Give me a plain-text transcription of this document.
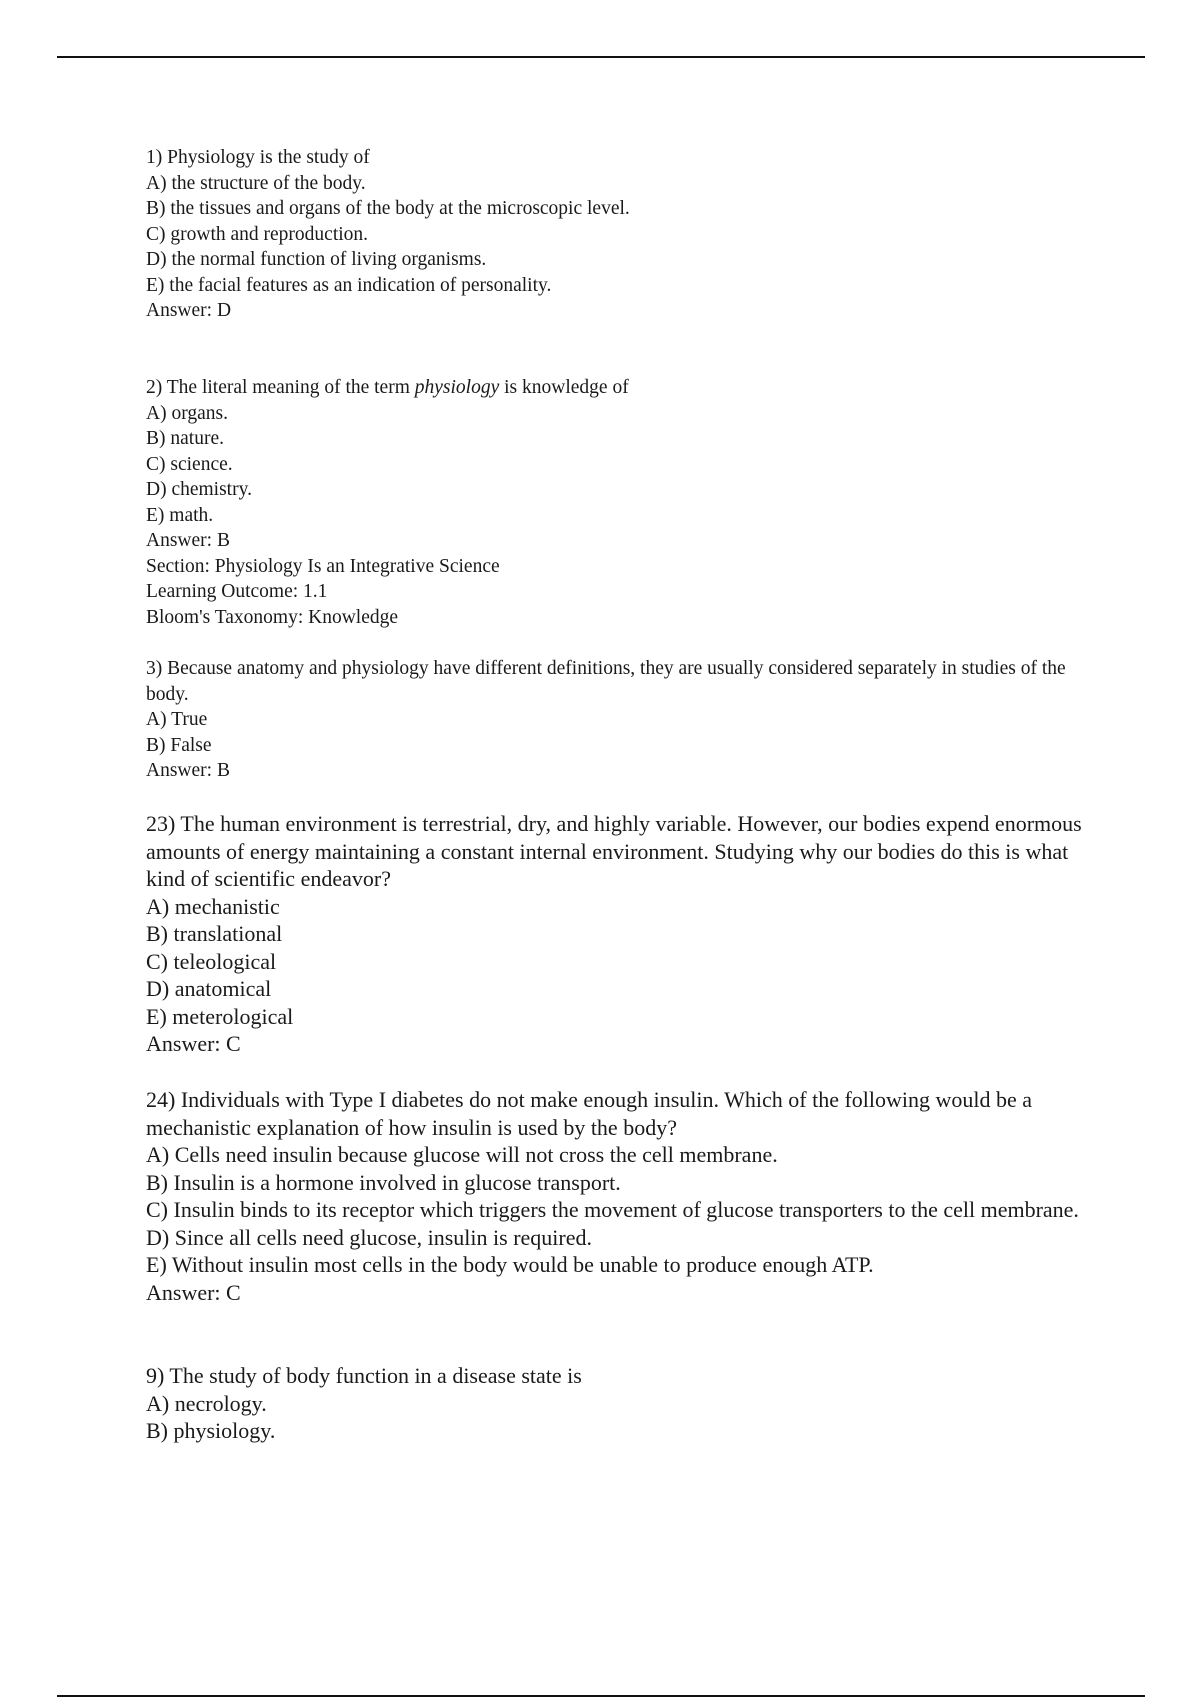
1) Physiology is the study of
A) the structure of the body.
B) the tissues and organs of the body at the microscopic level.
C) growth and reproduction.
D) the normal function of living organisms.
E) the facial features as an indication of personality.
Answer: D
2) The literal meaning of the term physiology is knowledge of
A) organs.
B) nature.
C) science.
D) chemistry.
E) math.
Answer: B
Section: Physiology Is an Integrative Science
Learning Outcome: 1.1
Bloom's Taxonomy: Knowledge
3) Because anatomy and physiology have different definitions, they are usually considered separately in studies of the body.
A) True
B) False
Answer: B
23) The human environment is terrestrial, dry, and highly variable. However, our bodies expend enormous amounts of energy maintaining a constant internal environment. Studying why our bodies do this is what kind of scientific endeavor?
A) mechanistic
B) translational
C) teleological
D) anatomical
E) meterological
Answer: C
24) Individuals with Type I diabetes do not make enough insulin. Which of the following would be a mechanistic explanation of how insulin is used by the body?
A) Cells need insulin because glucose will not cross the cell membrane.
B) Insulin is a hormone involved in glucose transport.
C) Insulin binds to its receptor which triggers the movement of glucose transporters to the cell membrane.
D) Since all cells need glucose, insulin is required.
E) Without insulin most cells in the body would be unable to produce enough ATP.
Answer: C
9) The study of body function in a disease state is
A) necrology.
B) physiology.
